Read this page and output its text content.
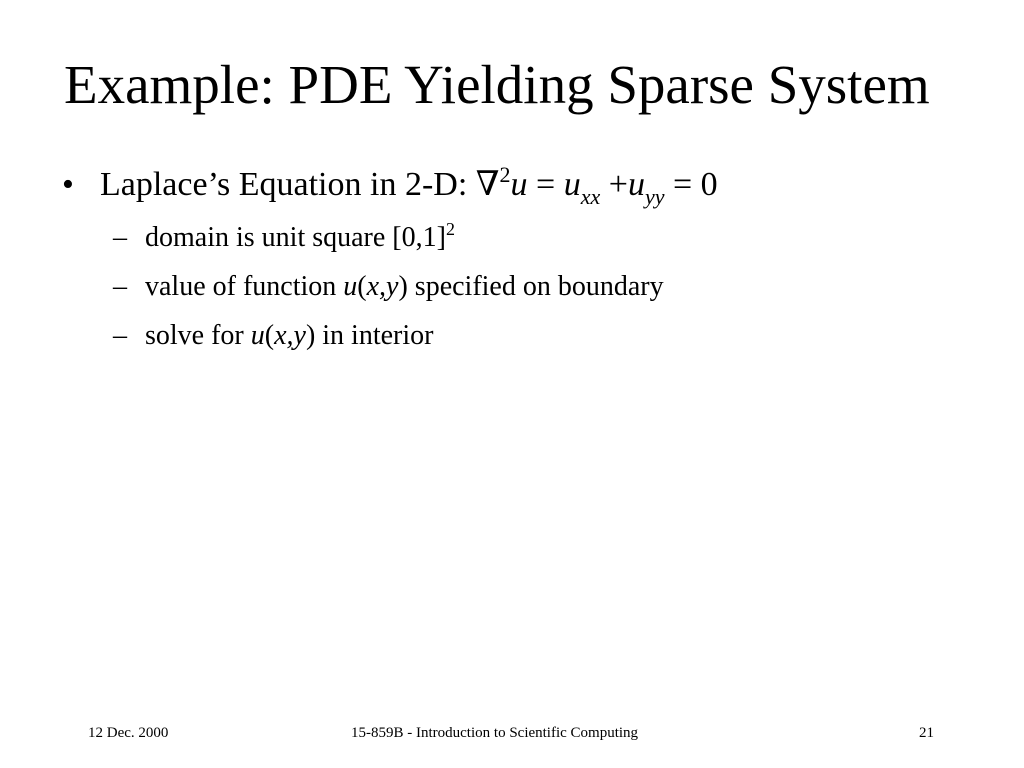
Example: PDE Yielding Sparse System
• Laplace’s Equation in 2-D: $\nabla^2u = u_{xx} +u_{yy} = 0$
– domain is unit square $[0,1]^2$
– value of function u(x,y) specified on boundary
– solve for u(x,y) in interior
12 Dec. 2000	15-859B - Introduction to Scientific Computing	21
